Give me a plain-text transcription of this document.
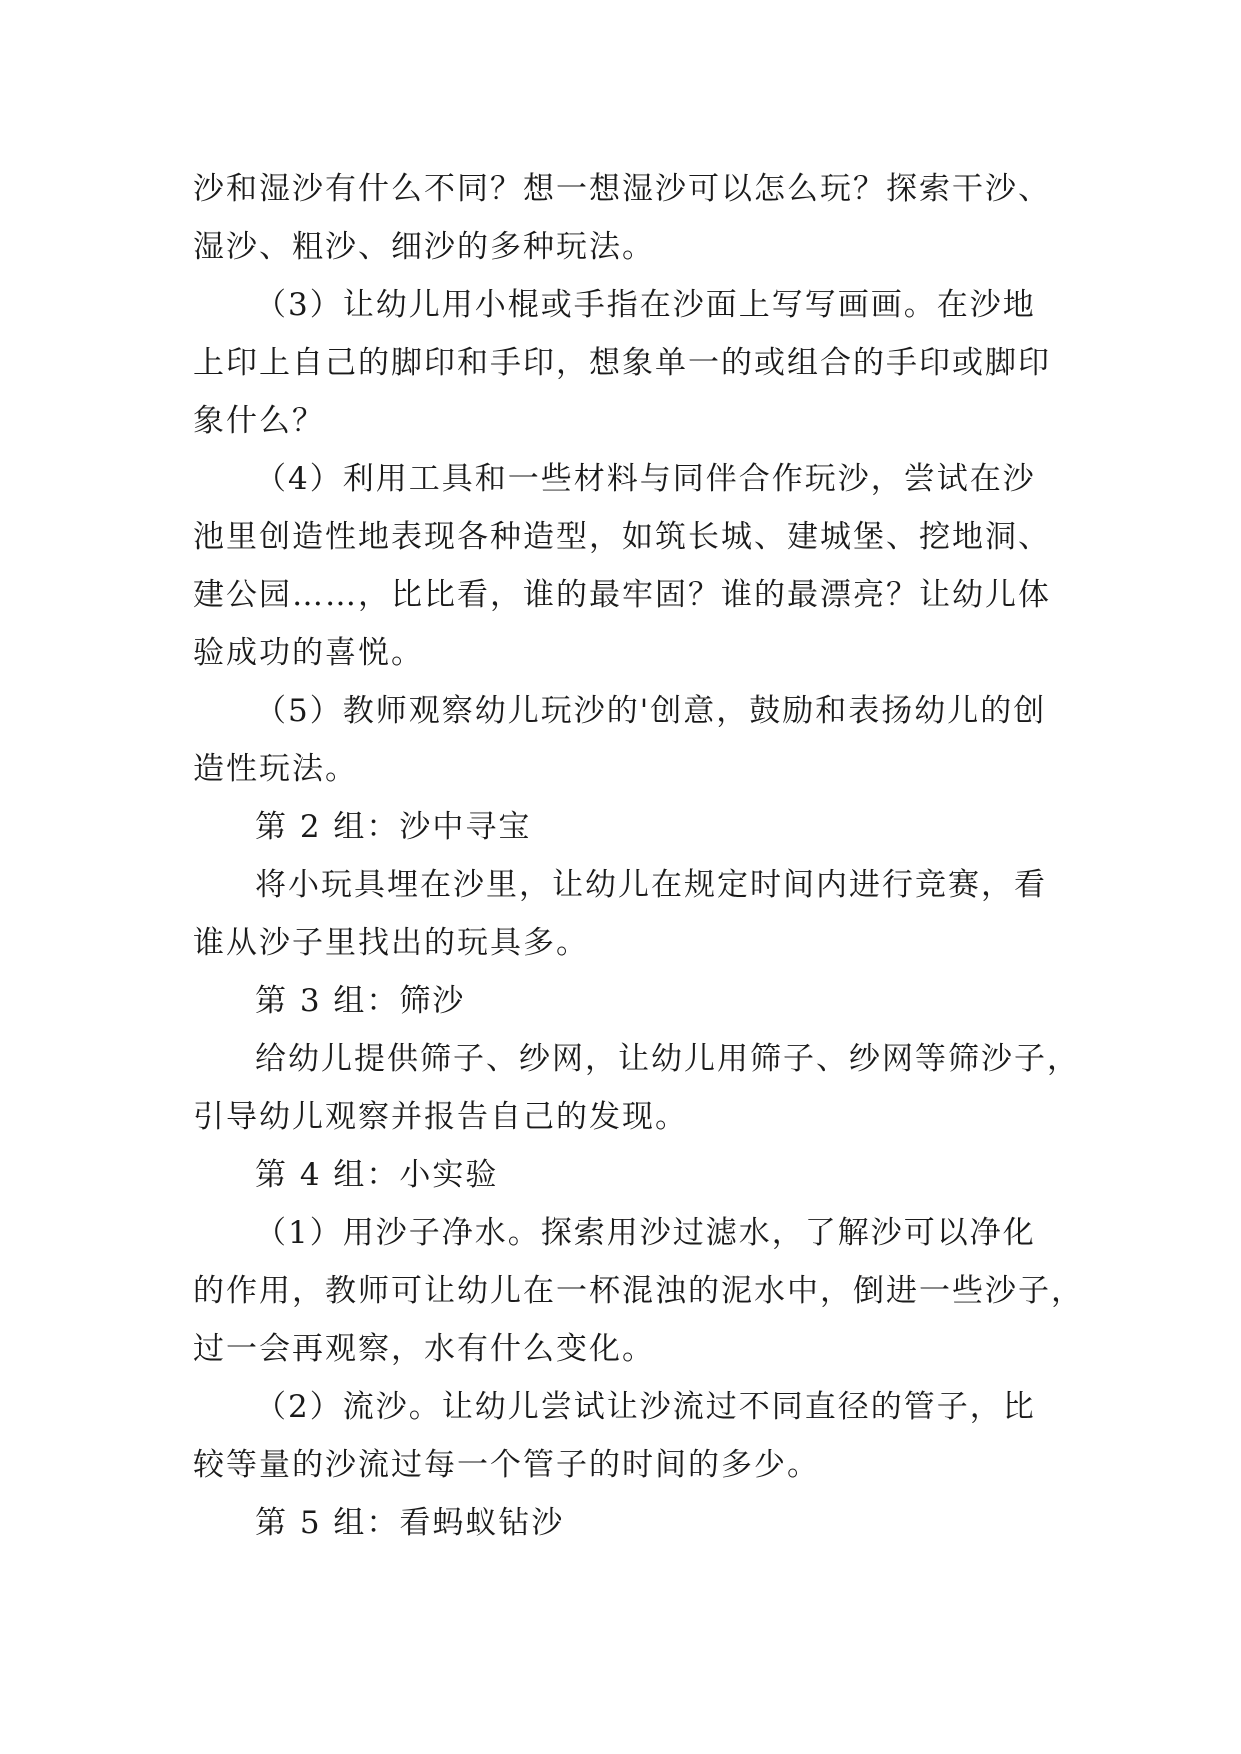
沙和湿沙有什么不同？想一想湿沙可以怎么玩？探索干沙、
湿沙、粗沙、细沙的多种玩法。

（3）让幼儿用小棍或手指在沙面上写写画画。在沙地
上印上自己的脚印和手印，想象单一的或组合的手印或脚印
象什么？

（4）利用工具和一些材料与同伴合作玩沙，尝试在沙
池里创造性地表现各种造型，如筑长城、建城堡、挖地洞、
建公园……，比比看，谁的最牢固？谁的最漂亮？让幼儿体
验成功的喜悦。

（5）教师观察幼儿玩沙的'创意，鼓励和表扬幼儿的创
造性玩法。

第 2 组：沙中寻宝

将小玩具埋在沙里，让幼儿在规定时间内进行竞赛，看
谁从沙子里找出的玩具多。

第 3 组：筛沙

给幼儿提供筛子、纱网，让幼儿用筛子、纱网等筛沙子，
引导幼儿观察并报告自己的发现。

第 4 组：小实验

（1）用沙子净水。探索用沙过滤水，了解沙可以净化
的作用，教师可让幼儿在一杯混浊的泥水中，倒进一些沙子，
过一会再观察，水有什么变化。

（2）流沙。让幼儿尝试让沙流过不同直径的管子，比
较等量的沙流过每一个管子的时间的多少。

第 5 组：看蚂蚁钻沙
